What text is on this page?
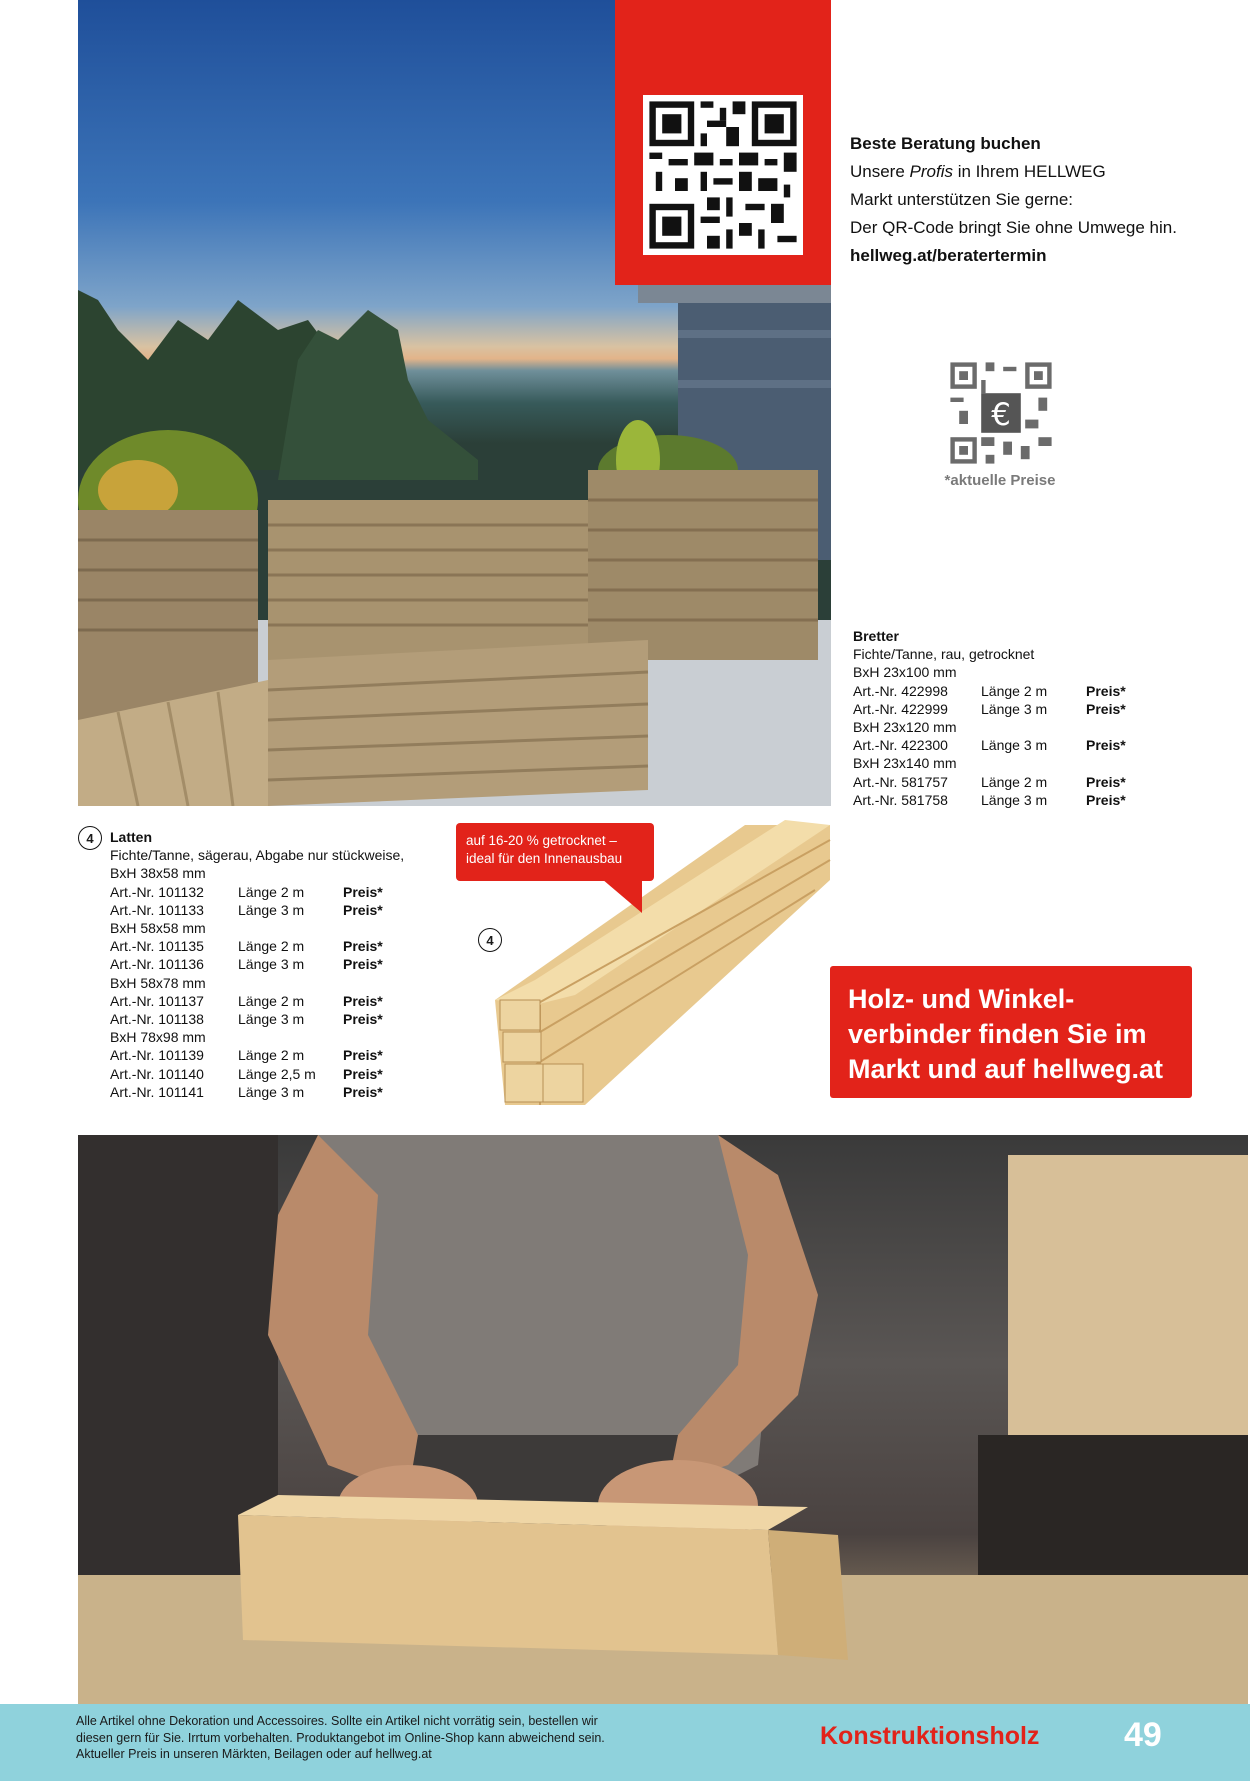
Beste Beratung buchen
Unsere Profis in Ihrem HELLWEG
Markt unterstützen Sie gerne:
Der QR-Code bringt Sie ohne Umwege hin.
hellweg.at/beratertermin
€
*aktuelle Preise
Bretter
Fichte/Tanne, rau, getrocknet
BxH 23x100 mm
Art.-Nr. 422998	Länge 2 m	Preis*
Art.-Nr. 422999	Länge 3 m	Preis*
BxH 23x120 mm
Art.-Nr. 422300	Länge 3 m	Preis*
BxH 23x140 mm
Art.-Nr. 581757	Länge 2 m	Preis*
Art.-Nr. 581758	Länge 3 m	Preis*
4	Latten
Fichte/Tanne, sägerau, Abgabe nur stückweise,
BxH 38x58 mm
Art.-Nr. 101132	Länge 2 m	Preis*
Art.-Nr. 101133	Länge 3 m	Preis*
BxH 58x58 mm
Art.-Nr. 101135	Länge 2 m	Preis*
Art.-Nr. 101136	Länge 3 m	Preis*
BxH 58x78 mm
Art.-Nr. 101137	Länge 2 m	Preis*
Art.-Nr. 101138	Länge 3 m	Preis*
BxH 78x98 mm
Art.-Nr. 101139	Länge 2 m	Preis*
Art.-Nr. 101140	Länge 2,5 m	Preis*
Art.-Nr. 101141	Länge 3 m	Preis*
auf 16-20 % getrocknet –
ideal für den Innenausbau
4
Holz- und Winkel-
verbinder finden Sie im
Markt und auf hellweg.at
Alle Artikel ohne Dekoration und Accessoires. Sollte ein Artikel nicht vorrätig sein, bestellen wir
diesen gern für Sie. Irrtum vorbehalten. Produktangebot im Online-Shop kann abweichend sein.
Aktueller Preis in unseren Märkten, Beilagen oder auf hellweg.at
Konstruktionsholz 49
